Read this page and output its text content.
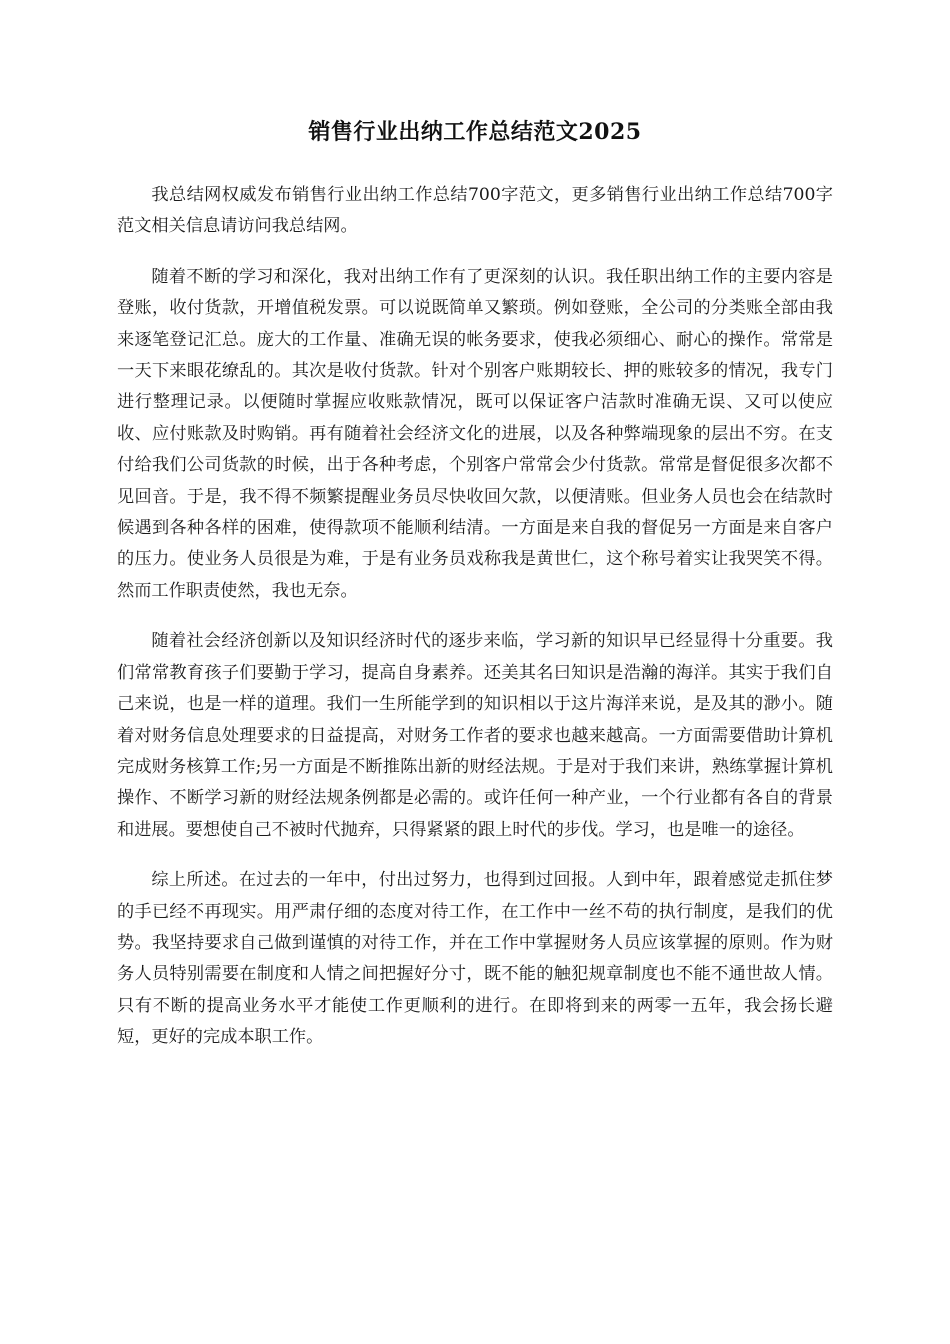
销售行业出纳工作总结范文2025

我总结网权威发布销售行业出纳工作总结700字范文，更多销售行业出纳工作总结700字范文相关信息请访问我总结网。

随着不断的学习和深化，我对出纳工作有了更深刻的认识。我任职出纳工作的主要内容是登账，收付货款，开增值税发票。可以说既简单又繁琐。例如登账，全公司的分类账全部由我来逐笔登记汇总。庞大的工作量、准确无误的帐务要求，使我必须细心、耐心的操作。常常是一天下来眼花缭乱的。其次是收付货款。针对个别客户账期较长、押的账较多的情况，我专门进行整理记录。以便随时掌握应收账款情况，既可以保证客户洁款时准确无误、又可以使应收、应付账款及时购销。再有随着社会经济文化的进展，以及各种弊端现象的层出不穷。在支付给我们公司货款的时候，出于各种考虑，个别客户常常会少付货款。常常是督促很多次都不见回音。于是，我不得不频繁提醒业务员尽快收回欠款，以便清账。但业务人员也会在结款时候遇到各种各样的困难，使得款项不能顺利结清。一方面是来自我的督促另一方面是来自客户的压力。使业务人员很是为难，于是有业务员戏称我是黄世仁，这个称号着实让我哭笑不得。然而工作职责使然，我也无奈。

随着社会经济创新以及知识经济时代的逐步来临，学习新的知识早已经显得十分重要。我们常常教育孩子们要勤于学习，提高自身素养。还美其名曰知识是浩瀚的海洋。其实于我们自己来说，也是一样的道理。我们一生所能学到的知识相以于这片海洋来说，是及其的渺小。随着对财务信息处理要求的日益提高，对财务工作者的要求也越来越高。一方面需要借助计算机完成财务核算工作;另一方面是不断推陈出新的财经法规。于是对于我们来讲，熟练掌握计算机操作、不断学习新的财经法规条例都是必需的。或许任何一种产业，一个行业都有各自的背景和进展。要想使自己不被时代抛弃，只得紧紧的跟上时代的步伐。学习，也是唯一的途径。

综上所述。在过去的一年中，付出过努力，也得到过回报。人到中年，跟着感觉走抓住梦的手已经不再现实。用严肃仔细的态度对待工作，在工作中一丝不苟的执行制度，是我们的优势。我坚持要求自己做到谨慎的对待工作，并在工作中掌握财务人员应该掌握的原则。作为财务人员特别需要在制度和人情之间把握好分寸，既不能的触犯规章制度也不能不通世故人情。只有不断的提高业务水平才能使工作更顺利的进行。在即将到来的两零一五年，我会扬长避短，更好的完成本职工作。
